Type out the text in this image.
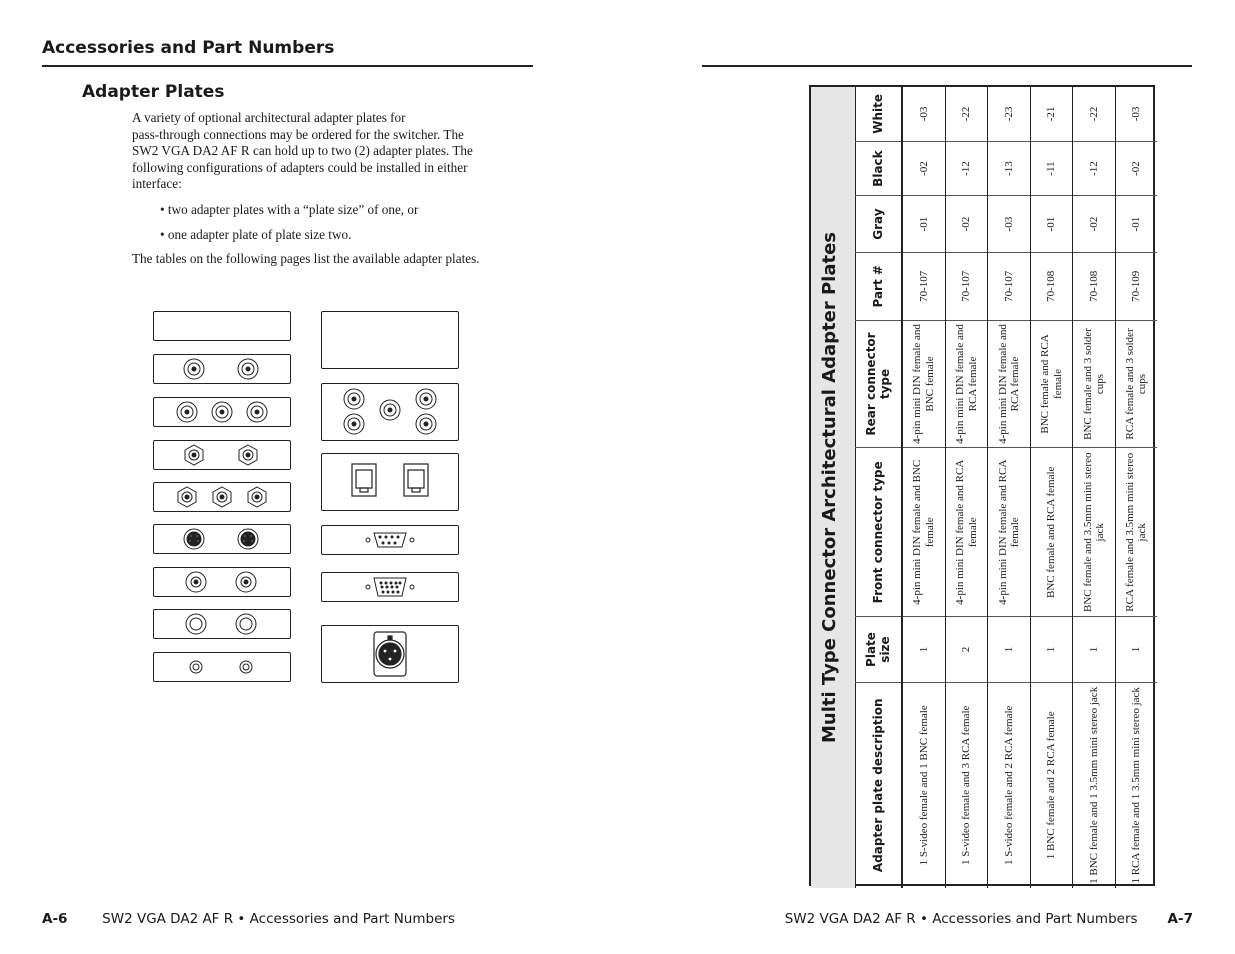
Accessories and Part Numbers
Adapter Plates
A variety of optional architectural adapter plates for
pass-through connections may be ordered for the switcher. The
SW2 VGA DA2 AF R can hold up to two (2) adapter plates. The
following configurations of adapters could be installed in either
interface:
• two adapter plates with a “plate size” of one, or
• one adapter plate of plate size two.
The tables on the following pages list the available adapter plates.
A-6	SW2 VGA DA2 AF R • Accessories and Part Numbers
Multi Type Connector Architectural Adapter Plates
Adapter plate description	Plate size	Front connector type	Rear connector type	Part #	Gray	Black	White
1 S-video female and 1 BNC female	1	4-pin mini DIN female and BNC female	4-pin mini DIN female and BNC female	70-107	-01	-02	-03
1 S-video female and 3 RCA female	2	4-pin mini DIN female and RCA female	4-pin mini DIN female and RCA female	70-107	-02	-12	-22
1 S-video female and 2 RCA female	1	4-pin mini DIN female and RCA female	4-pin mini DIN female and RCA female	70-107	-03	-13	-23
1 BNC female and 2 RCA female	1	BNC female and RCA female	BNC female and RCA female	70-108	-01	-11	-21
1 BNC female and 1 3.5mm mini stereo jack	1	BNC female and 3.5mm mini stereo jack	BNC female and 3 solder cups	70-108	-02	-12	-22
1 RCA female and 1 3.5mm mini stereo jack	1	RCA female and 3.5mm mini stereo jack	RCA female and 3 solder cups	70-109	-01	-02	-03
SW2 VGA DA2 AF R • Accessories and Part Numbers A-7
